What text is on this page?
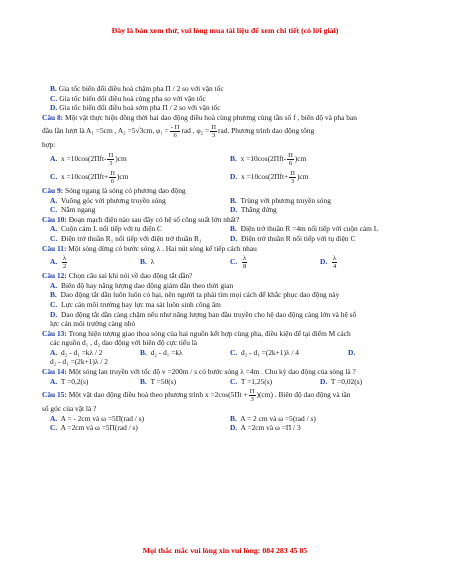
Đây là bản xem thử, vui lòng mua tài liệu để xem chi tiết (có lời giải)
B. Gia tốc biến đổi điều hoà chậm pha Π / 2 so với vận tốc
C. Gia tốc biến đổi điều hoà cùng pha so với vận tốc
D. Gia tốc biến đổi điều hoà sớm pha Π / 2 so với vận tốc
Câu 8: Một vật thực hiện đồng thời hai dao động điều hoà cùng phương cùng tần số f , biên độ và pha ban
đầu lần lượt là A₁ =5cm , A₂ =5√3cm, $\varphi_1 = \frac{- \Pi}{6}$ rad , $\varphi_2 = \frac{\Pi}{3}$ rad. Phương trình dao động tổng
hợp:
A. $x =10\cos(2\Pi ft- \frac{\Pi}{3} )cm$	B. $x =10\cos(2\Pi ft- \frac{\Pi}{6} )cm$
C. $x =10\cos(2\Pi ft+ \frac{\Pi}{6} )cm$	D. $x =10\cos(2\Pi ft+ \frac{\Pi}{3} )cm$
Câu 9: Sóng ngang là sóng có phương dao động
A. Vuông góc với phương truyền sóng	B. Trùng với phương truyền sóng
C. Nằm ngang	D. Thẳng đứng
Câu 10: Đoạn mạch điện nào sau đây có hệ số công suất lớn nhất?
A. Cuộn cảm L nối tiếp với tụ điện C	B. Điện trở thuần R =4m nối tiếp với cuộn cảm L
C. Điện trở thuần R₁ nối tiếp với điện trở thuần R₁	D. Điện trở thuần R nối tiếp với tụ điện C
Câu 11: Một sóng dừng có bước sóng λ . Hai nút sóng kế tiếp cách nhau
A. $\frac{\lambda}{2}$	B. λ	C. $\frac{\lambda}{8}$	D. $\frac{\lambda}{4}$
Câu 12: Chọn câu sai khi nói về dao động tắt dần?
A. Biên độ hay năng lượng dao động giảm dần theo thời gian
B. Dao động tắt dần luôn luôn có hại, nên người ta phải tìm mọi cách để khắc phục dao động này
C. Lực cản môi trường hay lực ma sát luôn sinh công âm
D. Dao động tắt dần càng chậm nếu như năng lượng ban đầu truyền cho hệ dao động càng lớn và hệ số
lực cản môi trường càng nhỏ
Câu 13: Trong hiện tượng giao thoa sóng của hai nguồn kết hợp cùng pha, điều kiện để tại điểm M cách
các nguồn d₁ , d₂ dao động với biên độ cực tiểu là
A. d₂ - d₁ =kλ / 2	B. d₂ - d₁ =kλ	C. d₂ - d₁ =(2k+1)λ / 4	D.
d₂ - d₁ =(2k+1)λ / 2
Câu 14: Một sóng lan truyền với tốc độ v =200m / s có bước sóng λ =4m . Chu kỳ dao động của sóng là ?
A. T =0,2(s)	B. T =50(s)	C. T =1,25(s)	D. T =0,02(s)
Câu 15: Một vật dao động điều hoà theo phương trình $x =2\cos(5\Pi t + \frac{\Pi}{3} )(cm)$ . Biên độ dao động và tần
số góc của vật là ?
A. A = - 2cm và ω =5Π(rad / s)	B. A = 2 cm và ω =5(rad / s)
C. A =2cm và ω =5Π(rad / s)	D. A =2cm và ω =Π / 3
Mọi thắc mắc vui lòng xin vui lòng: 084 283 45 85
